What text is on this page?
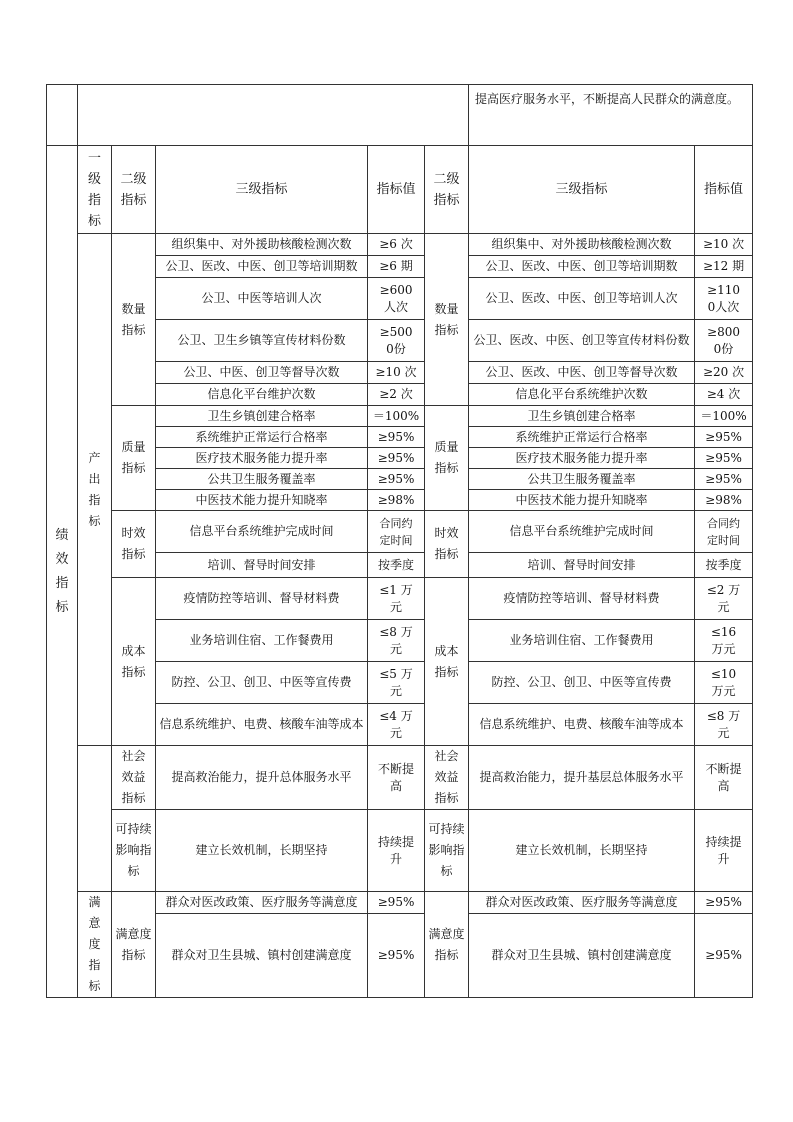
						提高医疗服务水平，不断提高人民群众的满意度。	
绩效指标	一级指标	二级指标	三级指标	指标值	二级指标	三级指标	指标值
	产出指标	数量指标	组织集中、对外援助核酸检测次数	≥6 次	数量指标	组织集中、对外援助核酸检测次数	≥10 次
			公卫、医改、中医、创卫等培训期数	≥6 期		公卫、医改、中医、创卫等培训期数	≥12 期
			公卫、中医等培训人次	≥600人次		公卫、医改、中医、创卫等培训人次	≥1100人次
			公卫、卫生乡镇等宣传材料份数	≥5000份		公卫、医改、中医、创卫等宣传材料份数	≥8000份
			公卫、中医、创卫等督导次数	≥10 次		公卫、医改、中医、创卫等督导次数	≥20 次
			信息化平台维护次数	≥2 次		信息化平台系统维护次数	≥4 次
		质量指标	卫生乡镇创建合格率	＝100%	质量指标	卫生乡镇创建合格率	＝100%
			系统维护正常运行合格率	≥95%		系统维护正常运行合格率	≥95%
			医疗技术服务能力提升率	≥95%		医疗技术服务能力提升率	≥95%
			公共卫生服务覆盖率	≥95%		公共卫生服务覆盖率	≥95%
			中医技术能力提升知晓率	≥98%		中医技术能力提升知晓率	≥98%
		时效指标	信息平台系统维护完成时间	合同约定时间	时效指标	信息平台系统维护完成时间	合同约定时间
			培训、督导时间安排	按季度		培训、督导时间安排	按季度
		成本指标	疫情防控等培训、督导材料费	≤1 万元	成本指标	疫情防控等培训、督导材料费	≤2 万元
			业务培训住宿、工作餐费用	≤8 万元		业务培训住宿、工作餐费用	≤16 万元
			防控、公卫、创卫、中医等宣传费	≤5 万元		防控、公卫、创卫、中医等宣传费	≤10 万元
			信息系统维护、电费、核酸车油等成本	≤4 万元		信息系统维护、电费、核酸车油等成本	≤8 万元
		社会效益指标	提高救治能力，提升总体服务水平	不断提高	社会效益指标	提高救治能力，提升基层总体服务水平	不断提高
		可持续影响指标	建立长效机制，长期坚持	持续提升	可持续影响指标	建立长效机制，长期坚持	持续提升
	满意度指标	满意度指标	群众对医改政策、医疗服务等满意度	≥95%	满意度指标	群众对医改政策、医疗服务等满意度	≥95%
			群众对卫生县城、镇村创建满意度	≥95%		群众对卫生县城、镇村创建满意度	≥95%
